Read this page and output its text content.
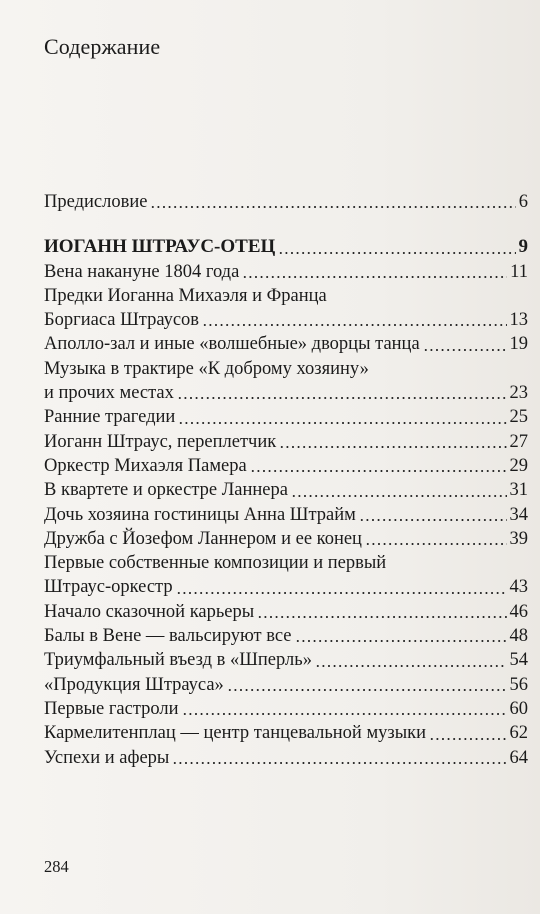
Содержание
Предисловие	6
ИОГАНН ШТРАУС-ОТЕЦ	9
Вена накануне 1804 года	11
Предки Иоганна Михаэля и Франца
Боргиаса Штраусов	13
Аполло-зал и иные «волшебные» дворцы танца	19
Музыка в трактире «К доброму хозяину»
и прочих местах	23
Ранние трагедии	25
Иоганн Штраус, переплетчик	27
Оркестр Михаэля Памера	29
В квартете и оркестре Ланнера	31
Дочь хозяина гостиницы Анна Штрайм	34
Дружба с Йозефом Ланнером и ее конец	39
Первые собственные композиции и первый
Штраус-оркестр	43
Начало сказочной карьеры	46
Балы в Вене — вальсируют все	48
Триумфальный въезд в «Шперль»	54
«Продукция Штрауса»	56
Первые гастроли	60
Кармелитенплац — центр танцевальной музыки	62
Успехи и аферы	64
284
